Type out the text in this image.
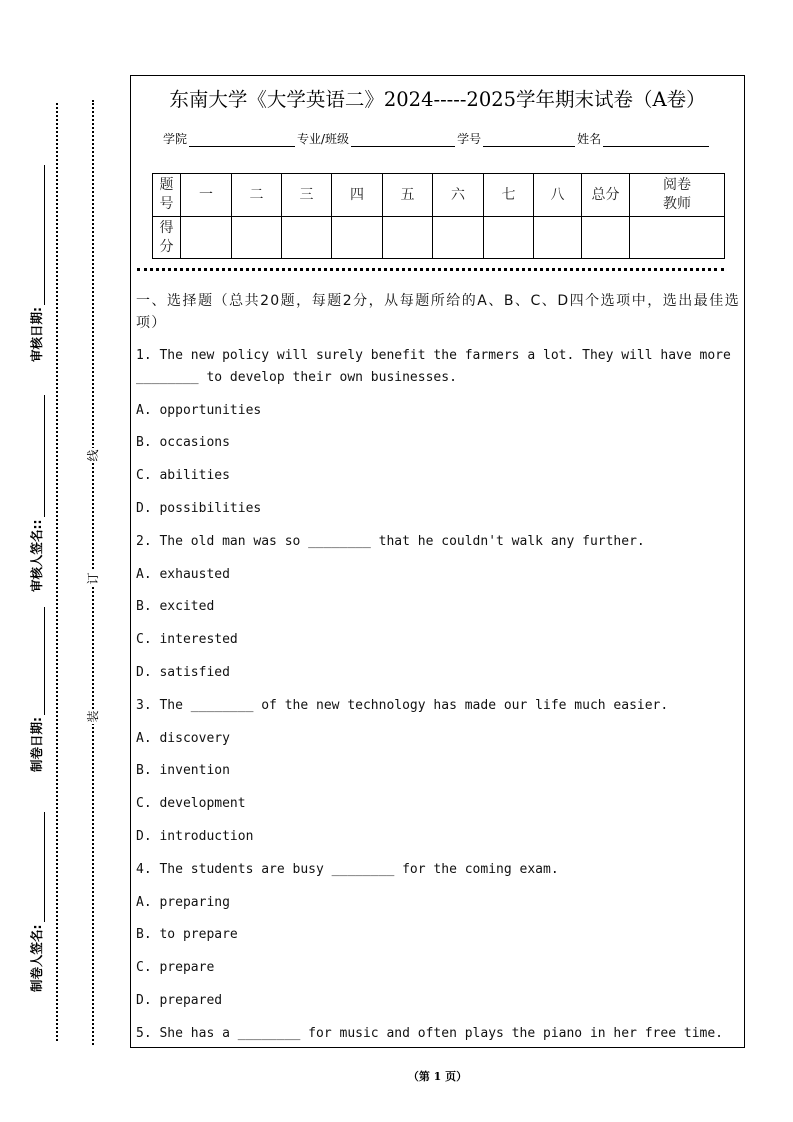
线
订
装
审核日期:
审核人签名::
制卷日期:
制卷人签名:
东南大学《大学英语二》2024-----2025学年期末试卷（A卷）
学院	专业/班级	学号	姓名
题号	一	二	三	四	五	六	七	八	总分	阅卷教师
得分										

一、选择题（总共20题，每题2分，从每题所给的A、B、C、D四个选项中，选出最佳选项）

1. The new policy will surely benefit the farmers a lot. They will have more ________ to develop their own businesses.

A. opportunities

B. occasions

C. abilities

D. possibilities

2. The old man was so ________ that he couldn't walk any further.

A. exhausted

B. excited

C. interested

D. satisfied

3. The ________ of the new technology has made our life much easier.

A. discovery

B. invention

C. development

D. introduction

4. The students are busy ________ for the coming exam.

A. preparing

B. to prepare

C. prepare

D. prepared

5. She has a ________ for music and often plays the piano in her free time.

（第 1 页）
